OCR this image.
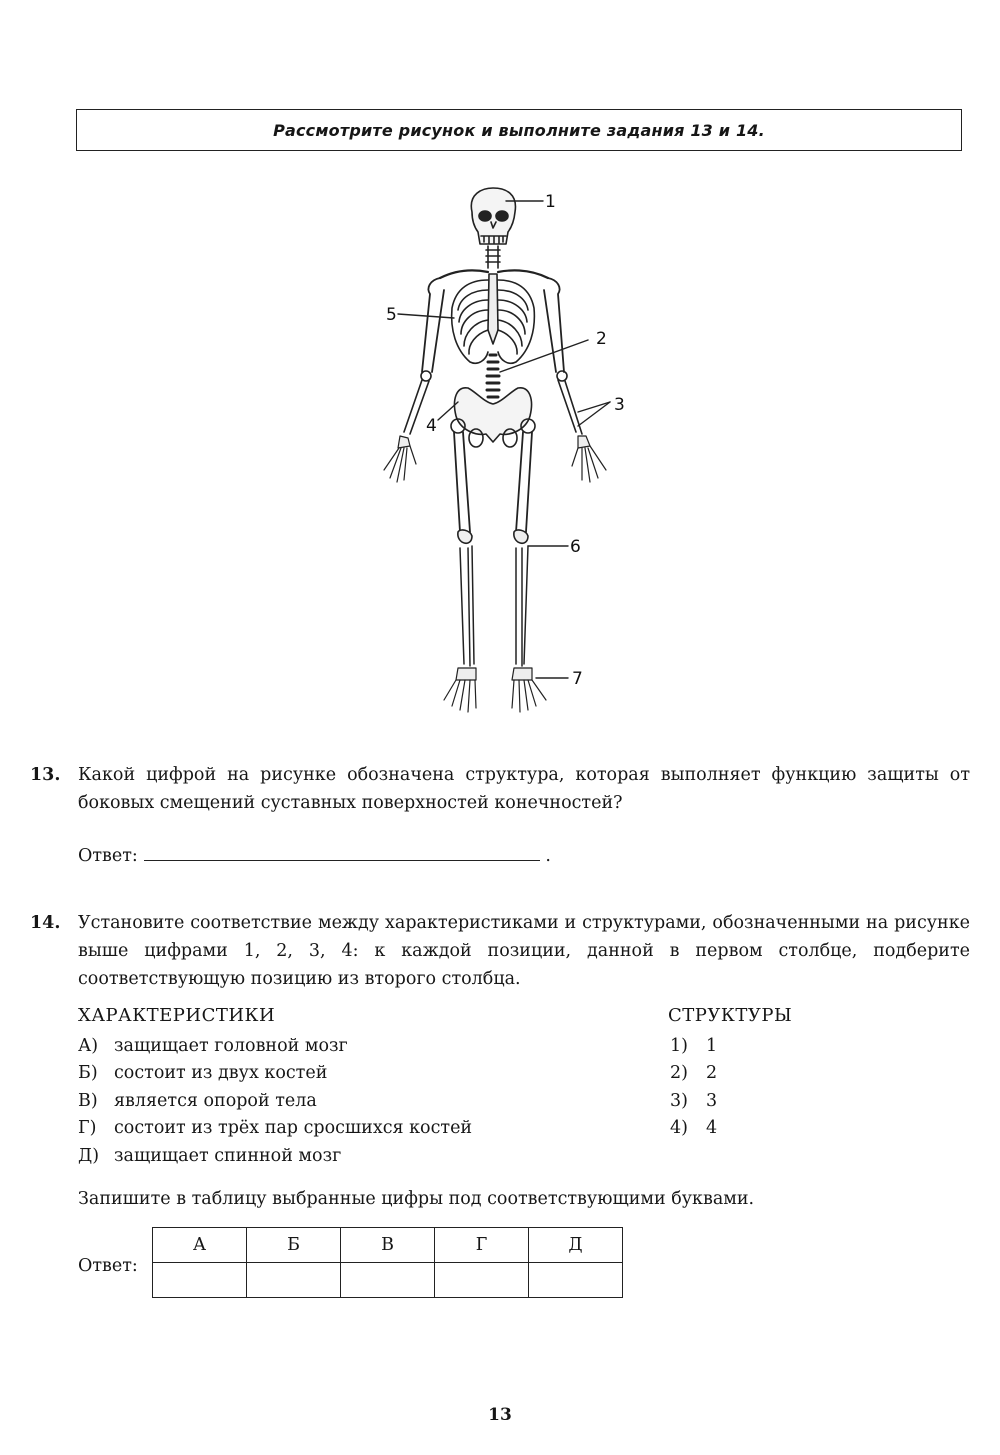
Рассмотрите рисунок и выполните задания 13 и 14.
1
2
3
4
5
6
7
13. Какой цифрой на рисунке обозначена структура, которая выполняет функцию защиты от боковых смещений суставных поверхностей конечностей?
Ответ:	.
14. Установите соответствие между характеристиками и структурами, обозначенными на рисунке выше цифрами 1, 2, 3, 4: к каждой позиции, данной в первом столбце, подберите соответствующую позицию из второго столбца.
ХАРАКТЕРИСТИКИ	СТРУКТУРЫ
А) защищает головной мозг
Б) состоит из двух костей
В) является опорой тела
Г) состоит из трёх пар сросшихся костей
Д) защищает спинной мозг
1) 1
2) 2
3) 3
4) 4
Запишите в таблицу выбранные цифры под соответствующими буквами.
Ответ:
А	Б	В	Г	Д

13
